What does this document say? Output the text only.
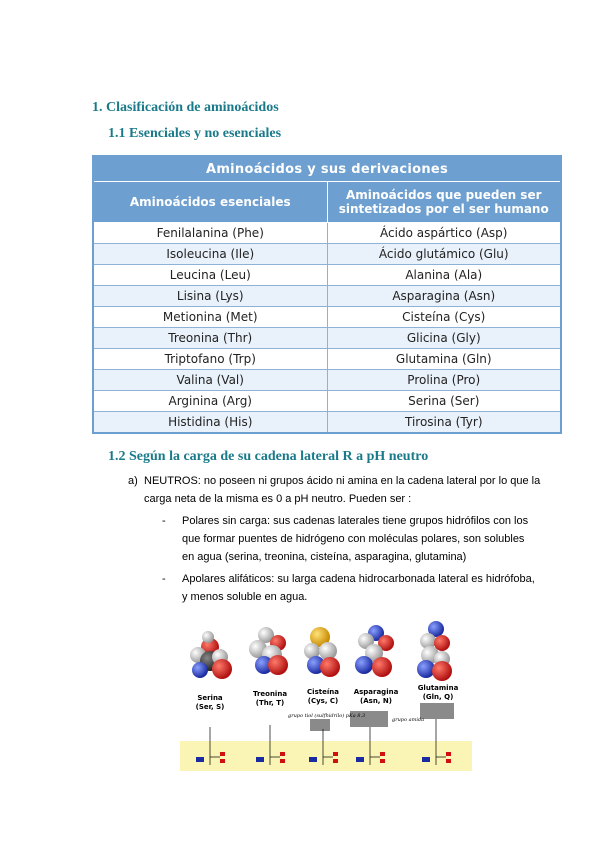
1. Clasificación de aminoácidos
1.1 Esenciales y no esenciales
Aminoácidos y sus derivaciones	
Aminoácidos esenciales	Aminoácidos que pueden ser sintetizados por el ser humano
Fenilalanina (Phe)	Ácido aspártico (Asp)
Isoleucina (Ile)	Ácido glutámico (Glu)
Leucina (Leu)	Alanina (Ala)
Lisina (Lys)	Asparagina (Asn)
Metionina (Met)	Cisteína (Cys)
Treonina (Thr)	Glicina (Gly)
Triptofano (Trp)	Glutamina (Gln)
Valina (Val)	Prolina (Pro)
Arginina (Arg)	Serina (Ser)
Histidina (His)	Tirosina (Tyr)
1.2 Según la carga de su cadena lateral R a pH neutro
a) NEUTROS: no poseen ni grupos ácido ni amina en la cadena lateral por lo que la carga neta de la misma es 0 a pH neutro. Pueden ser :
- Polares sin carga: sus cadenas laterales tiene grupos hidrófilos con los que formar puentes de hidrógeno con moléculas polares, son solubles en agua (serina, treonina, cisteína, asparagina, glutamina)
- Apolares alifáticos: su larga cadena hidrocarbonada lateral es hidrófoba, y menos soluble en agua.
Serina
(Ser, S)
Treonina
(Thr, T)
Cisteína
(Cys, C)
Asparagina
(Asn, N)
Glutamina
(Gln, Q)
grupo tiol (sulfhidrilo) pKa 8.3
grupo amida
